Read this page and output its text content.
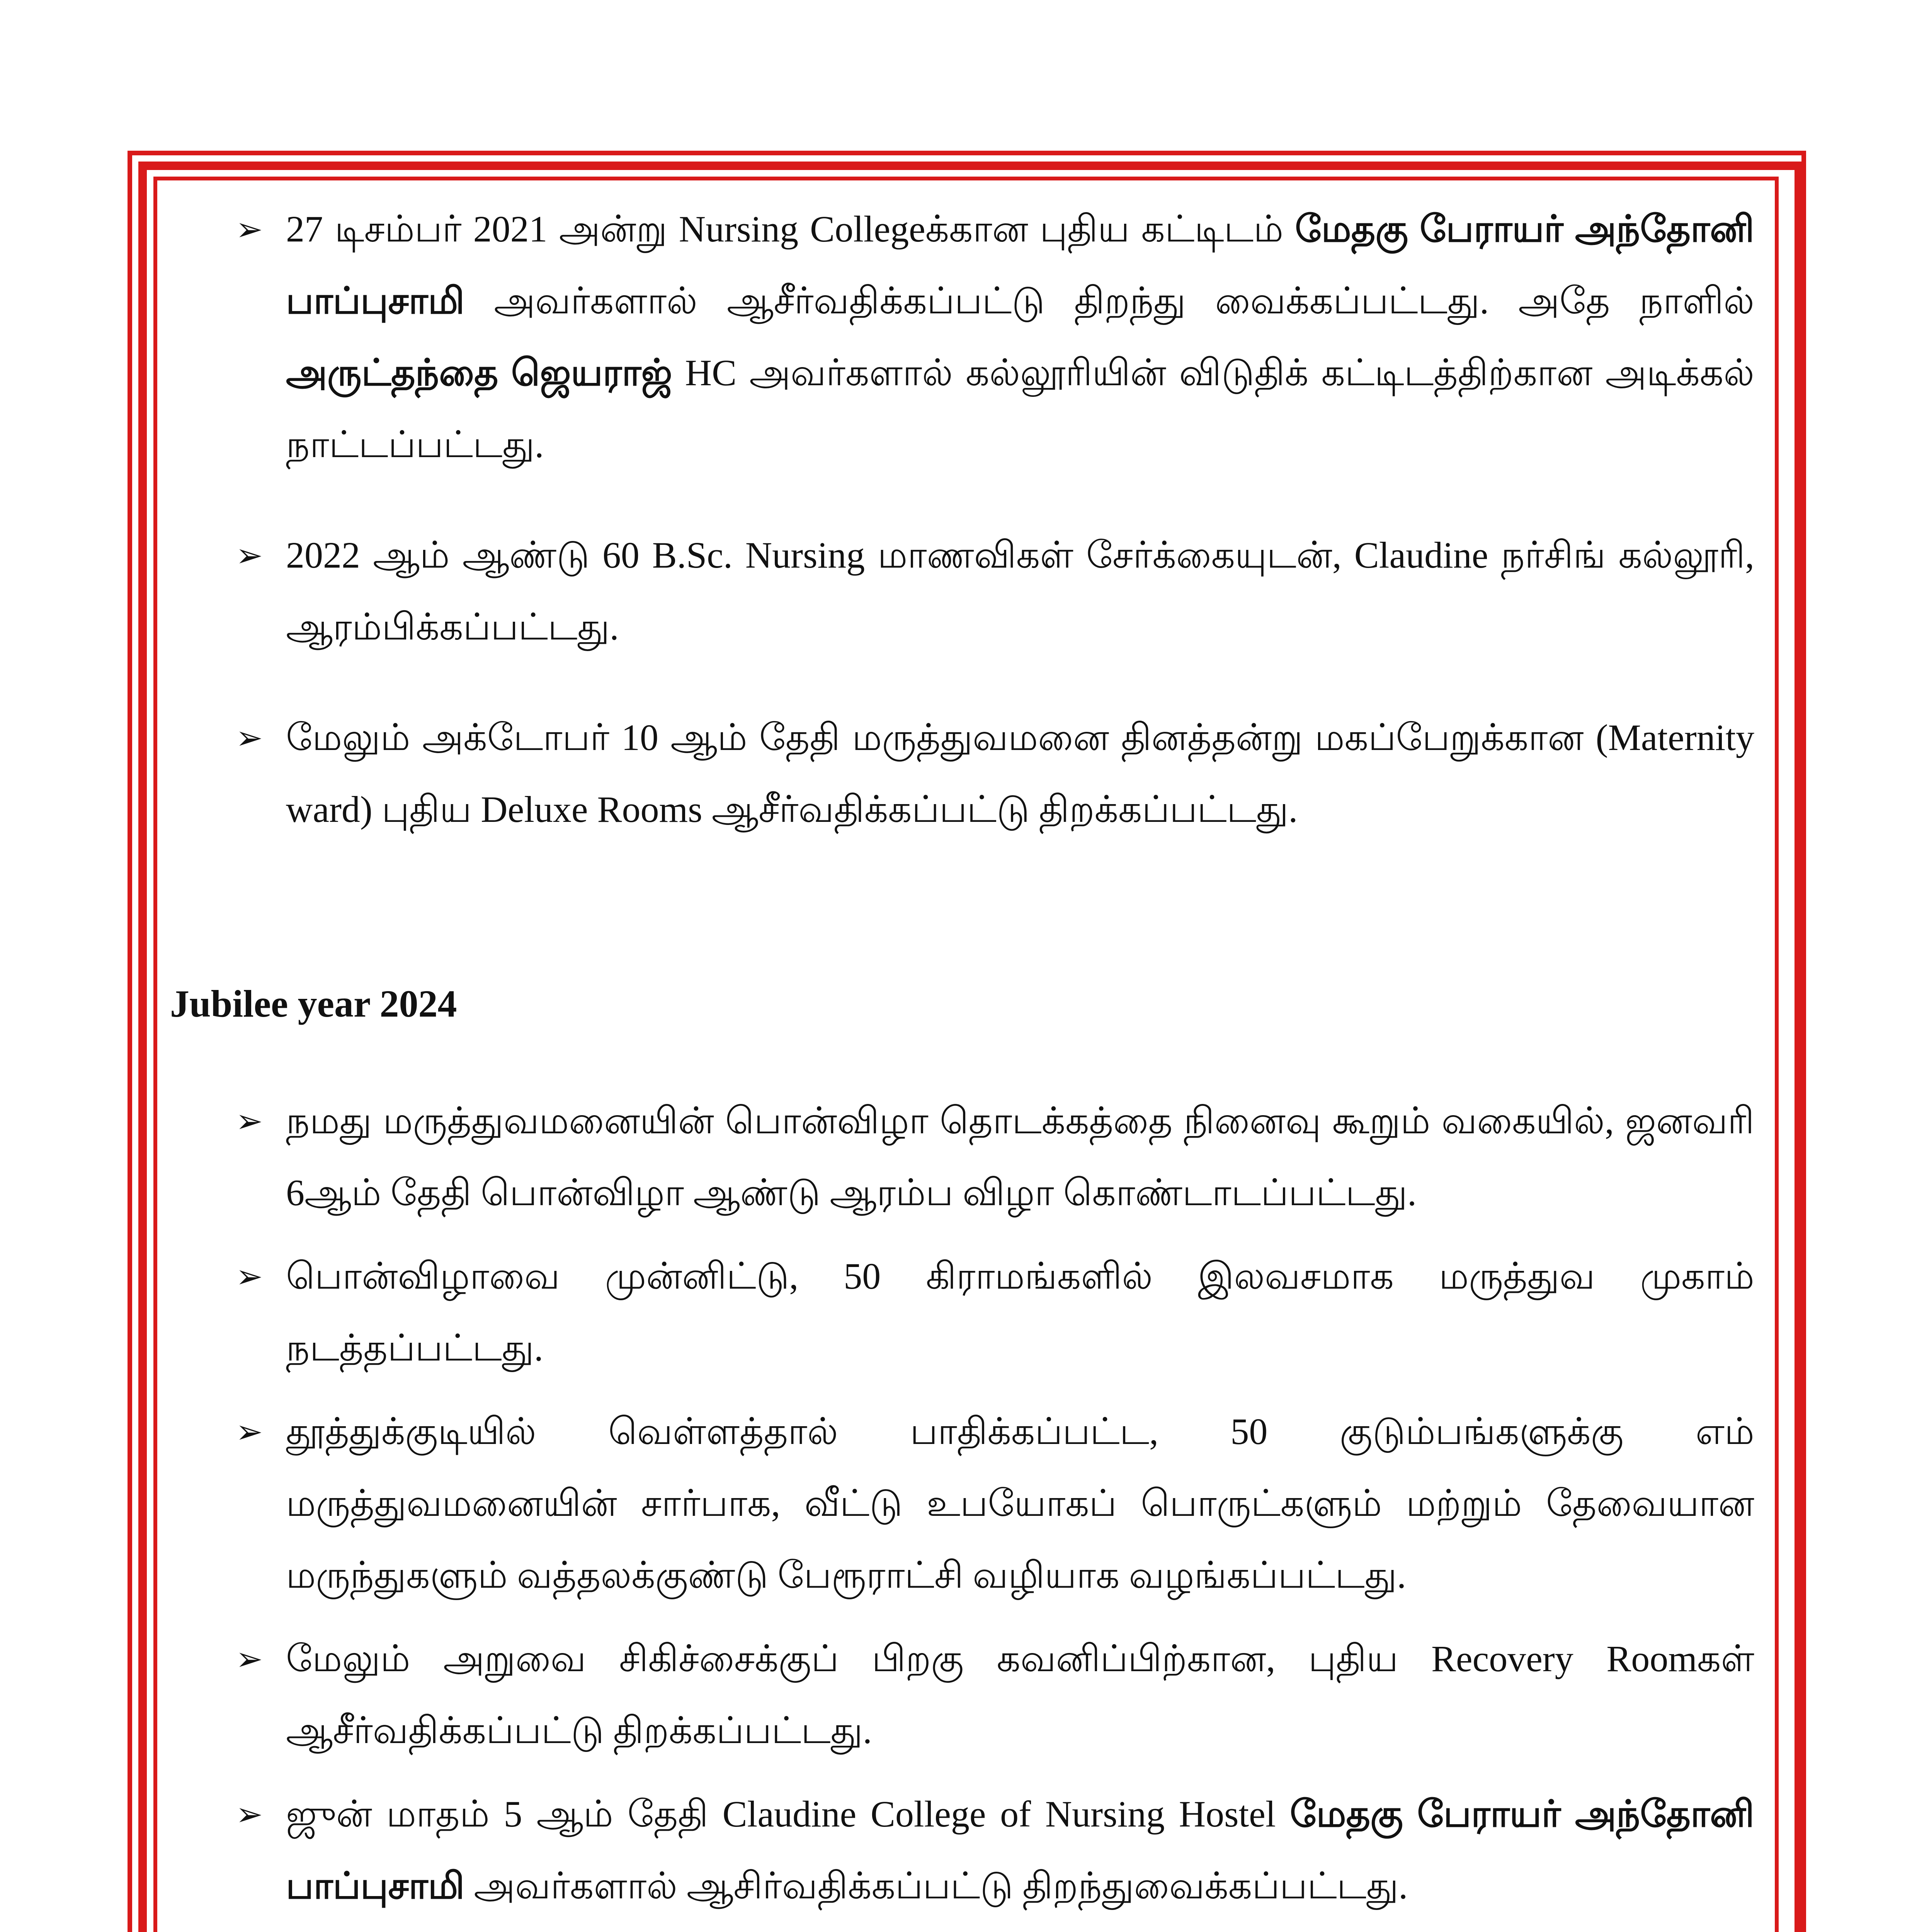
➢ 27 டிசம்பர் 2021 அன்று Nursing Collegeக்கான புதிய கட்டிடம் மேதகு பேராயர் அந்தோனி பாப்புசாமி அவர்களால் ஆசீர்வதிக்கப்பட்டு திறந்து வைக்கப்பட்டது. அதே நாளில் அருட்தந்தை ஜெயராஜ் HC அவர்களால் கல்லூரியின் விடுதிக் கட்டிடத்திற்கான அடிக்கல் நாட்டப்பட்டது.
➢ 2022 ஆம் ஆண்டு 60 B.Sc. Nursing மாணவிகள் சேர்க்கையுடன், Claudine நர்சிங் கல்லூரி, ஆரம்பிக்கப்பட்டது.
➢ மேலும் அக்டோபர் 10 ஆம் தேதி மருத்துவமனை தினத்தன்று மகப்பேறுக்கான (Maternity ward) புதிய Deluxe Rooms ஆசீர்வதிக்கப்பட்டு திறக்கப்பட்டது.
Jubilee year 2024
➢ நமது மருத்துவமனையின் பொன்விழா தொடக்கத்தை நினைவு கூறும் வகையில், ஜனவரி 6ஆம் தேதி பொன்விழா ஆண்டு ஆரம்ப விழா கொண்டாடப்பட்டது.
➢ பொன்விழாவை முன்னிட்டு, 50 கிராமங்களில் இலவசமாக மருத்துவ முகாம் நடத்தப்பட்டது.
➢ தூத்துக்குடியில் வெள்ளத்தால் பாதிக்கப்பட்ட, 50 குடும்பங்களுக்கு எம் மருத்துவமனையின் சார்பாக, வீட்டு உபயோகப் பொருட்களும் மற்றும் தேவையான மருந்துகளும் வத்தலக்குண்டு பேரூராட்சி வழியாக வழங்கப்பட்டது.
➢ மேலும் அறுவை சிகிச்சைக்குப் பிறகு கவனிப்பிற்கான, புதிய Recovery Roomகள் ஆசீர்வதிக்கப்பட்டு திறக்கப்பட்டது.
➢ ஜுன் மாதம் 5 ஆம் தேதி Claudine College of Nursing Hostel மேதகு பேராயர் அந்தோனி பாப்புசாமி அவர்களால் ஆசிர்வதிக்கப்பட்டு திறந்துவைக்கப்பட்டது.
